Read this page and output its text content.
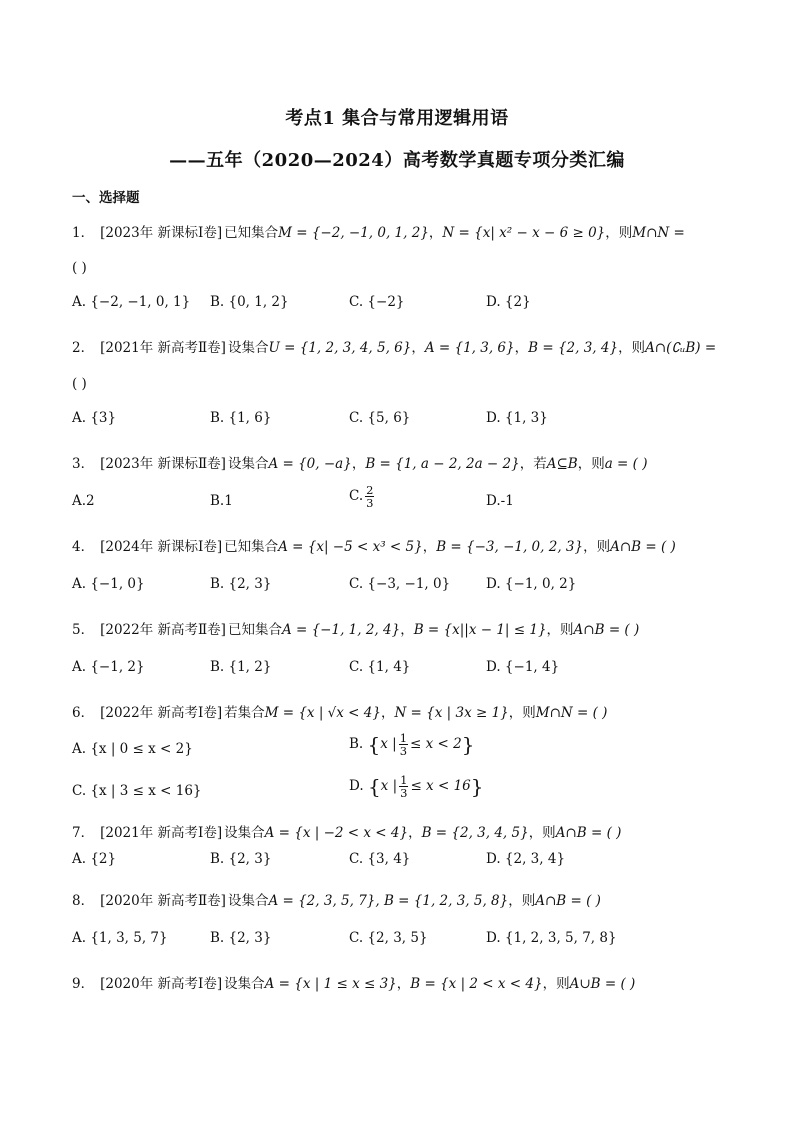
考点1 集合与常用逻辑用语
——五年（2020—2024）高考数学真题专项分类汇编
一、选择题
1． [2023年 新课标Ⅰ卷] 已知集合M = {−2, −1, 0, 1, 2}，N = {x| x² − x − 6 ≥ 0}，则M∩N =
( )
A. {−2, −1, 0, 1} B. {0, 1, 2}	C. {−2}	D. {2}
2． [2021年 新高考Ⅱ卷] 设集合U = {1, 2, 3, 4, 5, 6}，A = {1, 3, 6}，B = {2, 3, 4}，则A∩(∁ᵤB) =
( )
A. {3}	B. {1, 6}	C. {5, 6}	D. {1, 3}
3． [2023年 新课标Ⅱ卷] 设集合A = {0, −a}，B = {1, a − 2, 2a − 2}，若A⊆B，则a = ( )
A.2	B.1	C. $\frac{2}{3}$	D.-1
4． [2024年 新课标Ⅰ卷] 已知集合A = {x| −5 < x³ < 5}，B = {−3, −1, 0, 2, 3}，则A∩B = ( )
A. {−1, 0}	B. {2, 3}	C. {−3, −1, 0}	D. {−1, 0, 2}
5． [2022年 新高考Ⅱ卷] 已知集合A = {−1, 1, 2, 4}，B = {x||x − 1| ≤ 1}，则A∩B = ( )
A. {−1, 2}	B. {1, 2}	C. {1, 4}	D. {−1, 4}
6． [2022年 新高考Ⅰ卷] 若集合M = {x | √x < 4}，N = {x | 3x ≥ 1}，则M∩N = ( )
A. {x | 0 ≤ x < 2}	B. {x | $\frac{1}{3} \le x < 2$}
C. {x | 3 ≤ x < 16}	D. {x | $\frac{1}{3} \le x < 16$}
7． [2021年 新高考Ⅰ卷] 设集合A = {x | −2 < x < 4}，B = {2, 3, 4, 5}，则A∩B = ( )
A. {2}	B. {2, 3}	C. {3, 4}	D. {2, 3, 4}
8． [2020年 新高考Ⅱ卷] 设集合A = {2, 3, 5, 7}, B = {1, 2, 3, 5, 8}，则A∩B = ( )
A. {1, 3, 5, 7}	B. {2, 3}	C. {2, 3, 5}	D. {1, 2, 3, 5, 7, 8}
9． [2020年 新高考Ⅰ卷] 设集合A = {x | 1 ≤ x ≤ 3}，B = {x | 2 < x < 4}，则A∪B = ( )
